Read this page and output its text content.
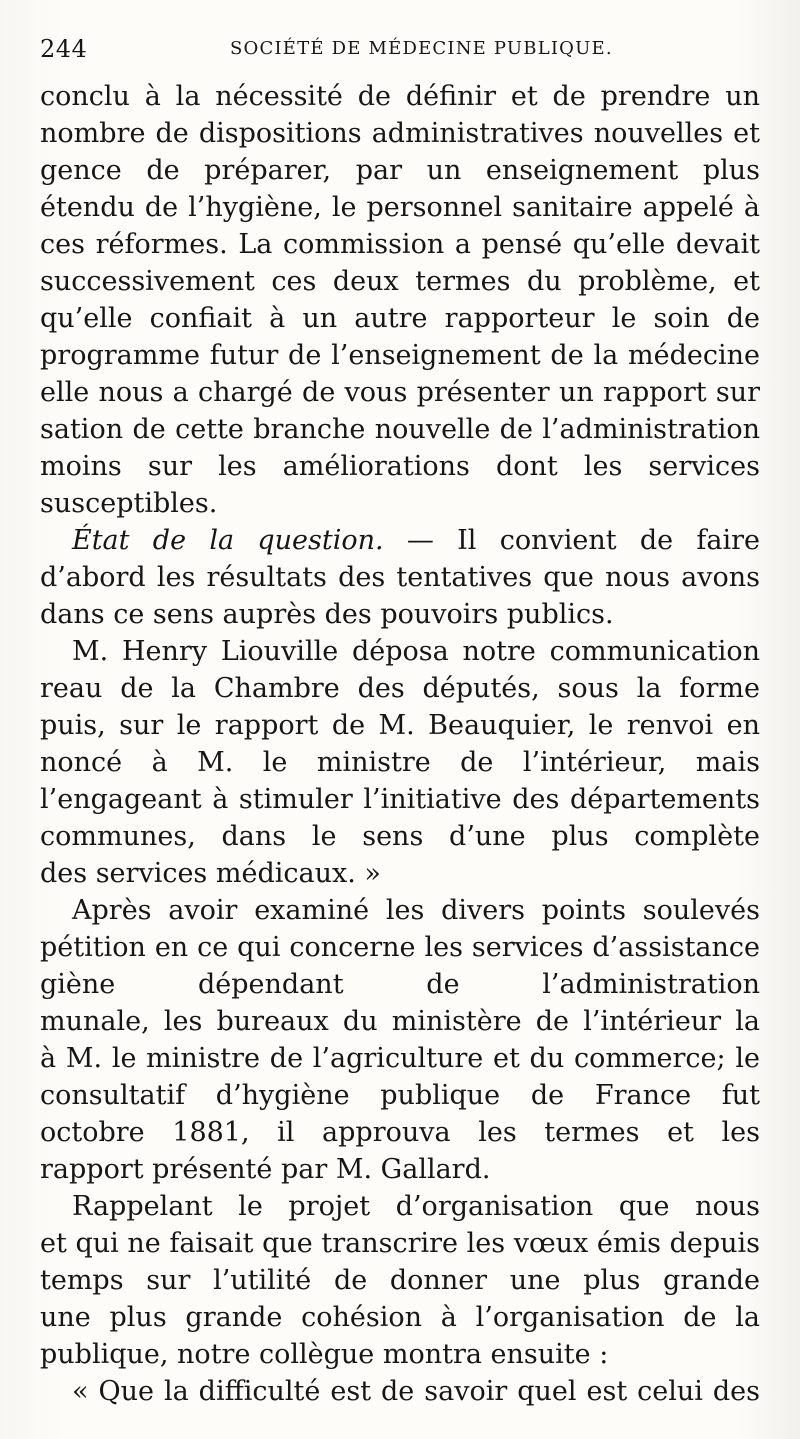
244	SOCIÉTÉ DE MÉDECINE PUBLIQUE.
conclu à la nécessité de définir et de prendre un
nombre de dispositions administratives nouvelles et
gence de préparer, par un enseignement plus
étendu de l’hygiène, le personnel sanitaire appelé à
ces réformes. La commission a pensé qu’elle devait
successivement ces deux termes du problème, et
qu’elle confiait à un autre rapporteur le soin de
programme futur de l’enseignement de la médecine
elle nous a chargé de vous présenter un rapport sur
sation de cette branche nouvelle de l’administration
moins sur les améliorations dont les services
susceptibles.
État de la question. — Il convient de faire
d’abord les résultats des tentatives que nous avons
dans ce sens auprès des pouvoirs publics.
M. Henry Liouville déposa notre communication
reau de la Chambre des députés, sous la forme
puis, sur le rapport de M. Beauquier, le renvoi en
noncé à M. le ministre de l’intérieur, mais
l’engageant à stimuler l’initiative des départements
communes, dans le sens d’une plus complète
des services médicaux. »
Après avoir examiné les divers points soulevés
pétition en ce qui concerne les services d’assistance
giène dépendant de l’administration
munale, les bureaux du ministère de l’intérieur la
à M. le ministre de l’agriculture et du commerce; le
consultatif d’hygiène publique de France fut
octobre 1881, il approuva les termes et les
rapport présenté par M. Gallard.
Rappelant le projet d’organisation que nous
et qui ne faisait que transcrire les vœux émis depuis
temps sur l’utilité de donner une plus grande
une plus grande cohésion à l’organisation de la
publique, notre collègue montra ensuite :
« Que la difficulté est de savoir quel est celui des
